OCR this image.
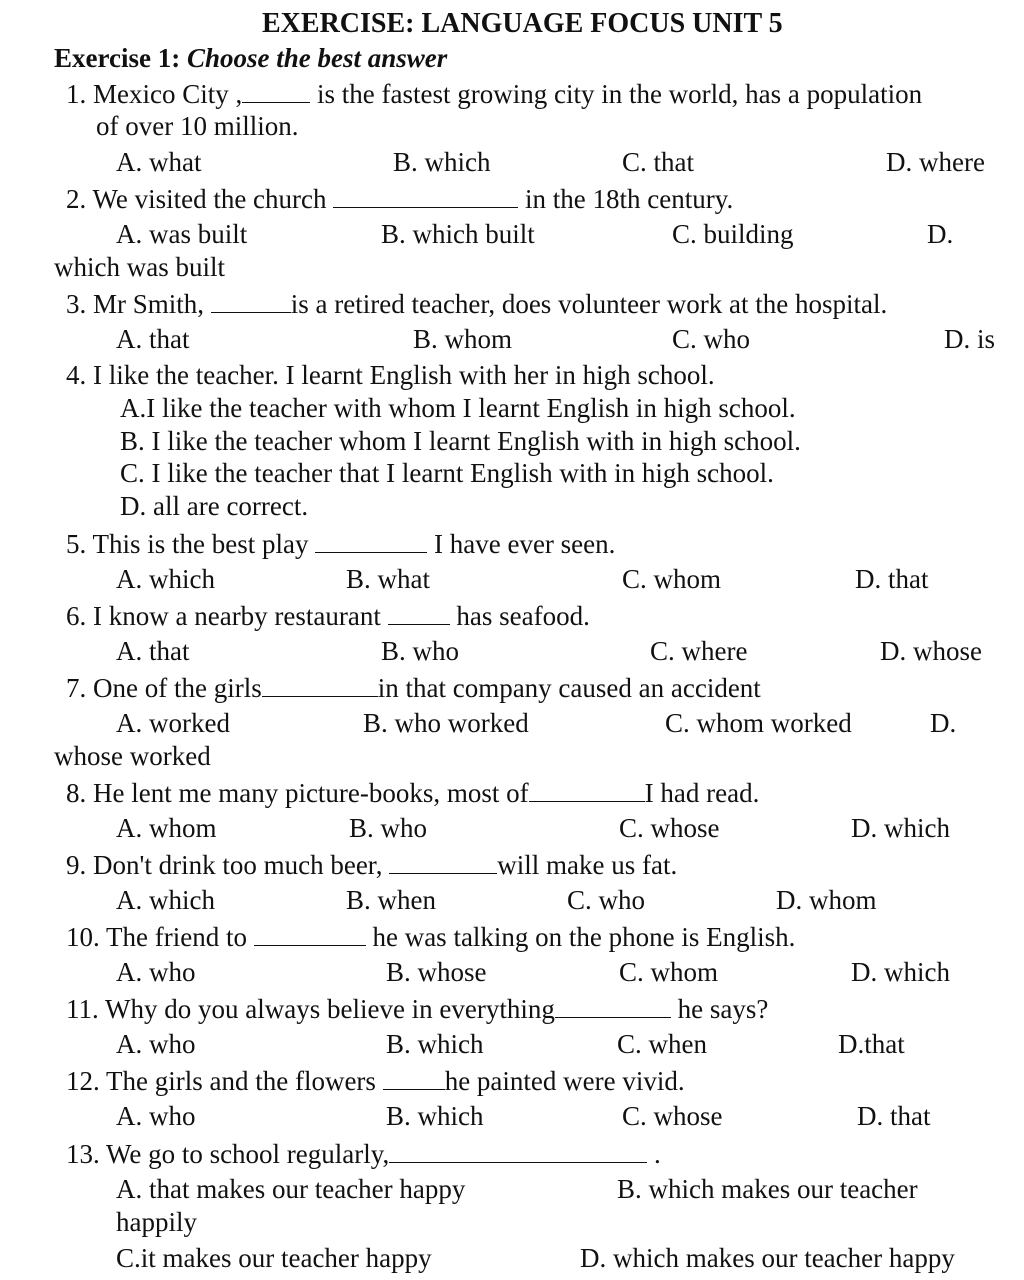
EXERCISE: LANGUAGE FOCUS UNIT 5
Exercise 1: Choose the best answer
1. Mexico City ,	is the fastest growing city in the world, has a population
of over 10 million.
A. what	B. which	C. that	D. where
2. We visited the church	in the 18th century.
A. was built	B. which built	C. building	D.
which was built
3. Mr Smith,	is a retired teacher, does volunteer work at the hospital.
A. that	B. whom	C. who	D. is
4. I like the teacher. I learnt English with her in high school.
A.I like the teacher with whom I learnt English in high school.
B. I like the teacher whom I learnt English with in high school.
C. I like the teacher that I learnt English with in high school.
D. all are correct.
5. This is the best play	I have ever seen.
A. which	B. what	C. whom	D. that
6. I know a nearby restaurant	has seafood.
A. that	B. who	C. where	D. whose
7. One of the girls	in that company caused an accident
A. worked	B. who worked	C. whom worked	D.
whose worked
8. He lent me many picture-books, most of	I had read.
A. whom	B. who	C. whose	D. which
9. Don't drink too much beer,	will make us fat.
A. which	B. when	C. who	D. whom
10. The friend to	he was talking on the phone is English.
A. who	B. whose	C. whom	D. which
11. Why do you always believe in everything	he says?
A. who	B. which	C. when	D.that
12. The girls and the flowers	he painted were vivid.
A. who	B. which	C. whose	D. that
13. We go to school regularly,	.
A. that makes our teacher happy	B. which makes our teacher
happily
C.it makes our teacher happy	D. which makes our teacher happy
